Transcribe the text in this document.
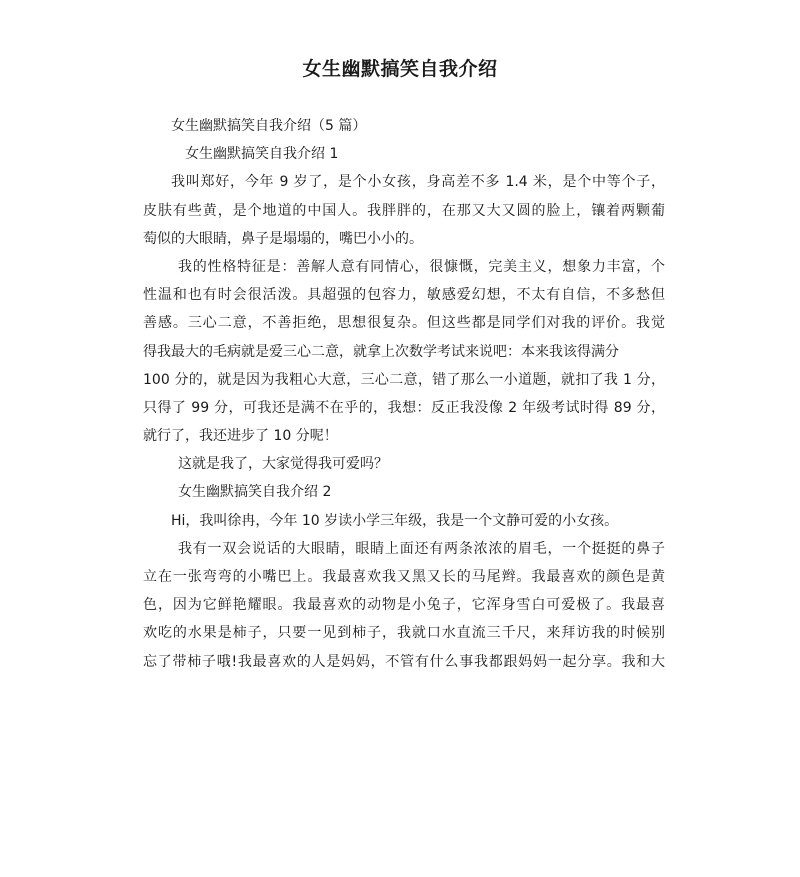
女生幽默搞笑自我介绍
女生幽默搞笑自我介绍（5 篇）
女生幽默搞笑自我介绍 1
我叫郑好，今年 9 岁了，是个小女孩，身高差不多 1.4 米，是个中等个子，
皮肤有些黄，是个地道的中国人。我胖胖的，在那又大又圆的脸上，镶着两颗葡
萄似的大眼睛，鼻子是塌塌的，嘴巴小小的。
我的性格特征是：善解人意有同情心，很慷慨，完美主义，想象力丰富，个
性温和也有时会很活泼。具超强的包容力，敏感爱幻想，不太有自信，不多愁但
善感。三心二意，不善拒绝，思想很复杂。但这些都是同学们对我的评价。我觉
得我最大的毛病就是爱三心二意，就拿上次数学考试来说吧：本来我该得满分
100 分的，就是因为我粗心大意，三心二意，错了那么一小道题，就扣了我 1 分，
只得了 99 分，可我还是满不在乎的，我想：反正我没像 2 年级考试时得 89 分，
就行了，我还进步了 10 分呢！
这就是我了，大家觉得我可爱吗？
女生幽默搞笑自我介绍 2
Hi，我叫徐冉，今年 10 岁读小学三年级，我是一个文静可爱的小女孩。
我有一双会说话的大眼睛，眼睛上面还有两条浓浓的眉毛，一个挺挺的鼻子
立在一张弯弯的小嘴巴上。我最喜欢我又黑又长的马尾辫。我最喜欢的颜色是黄
色，因为它鲜艳耀眼。我最喜欢的动物是小兔子，它浑身雪白可爱极了。我最喜
欢吃的水果是柿子，只要一见到柿子，我就口水直流三千尺，来拜访我的时候别
忘了带柿子哦!我最喜欢的人是妈妈，不管有什么事我都跟妈妈一起分享。我和大
